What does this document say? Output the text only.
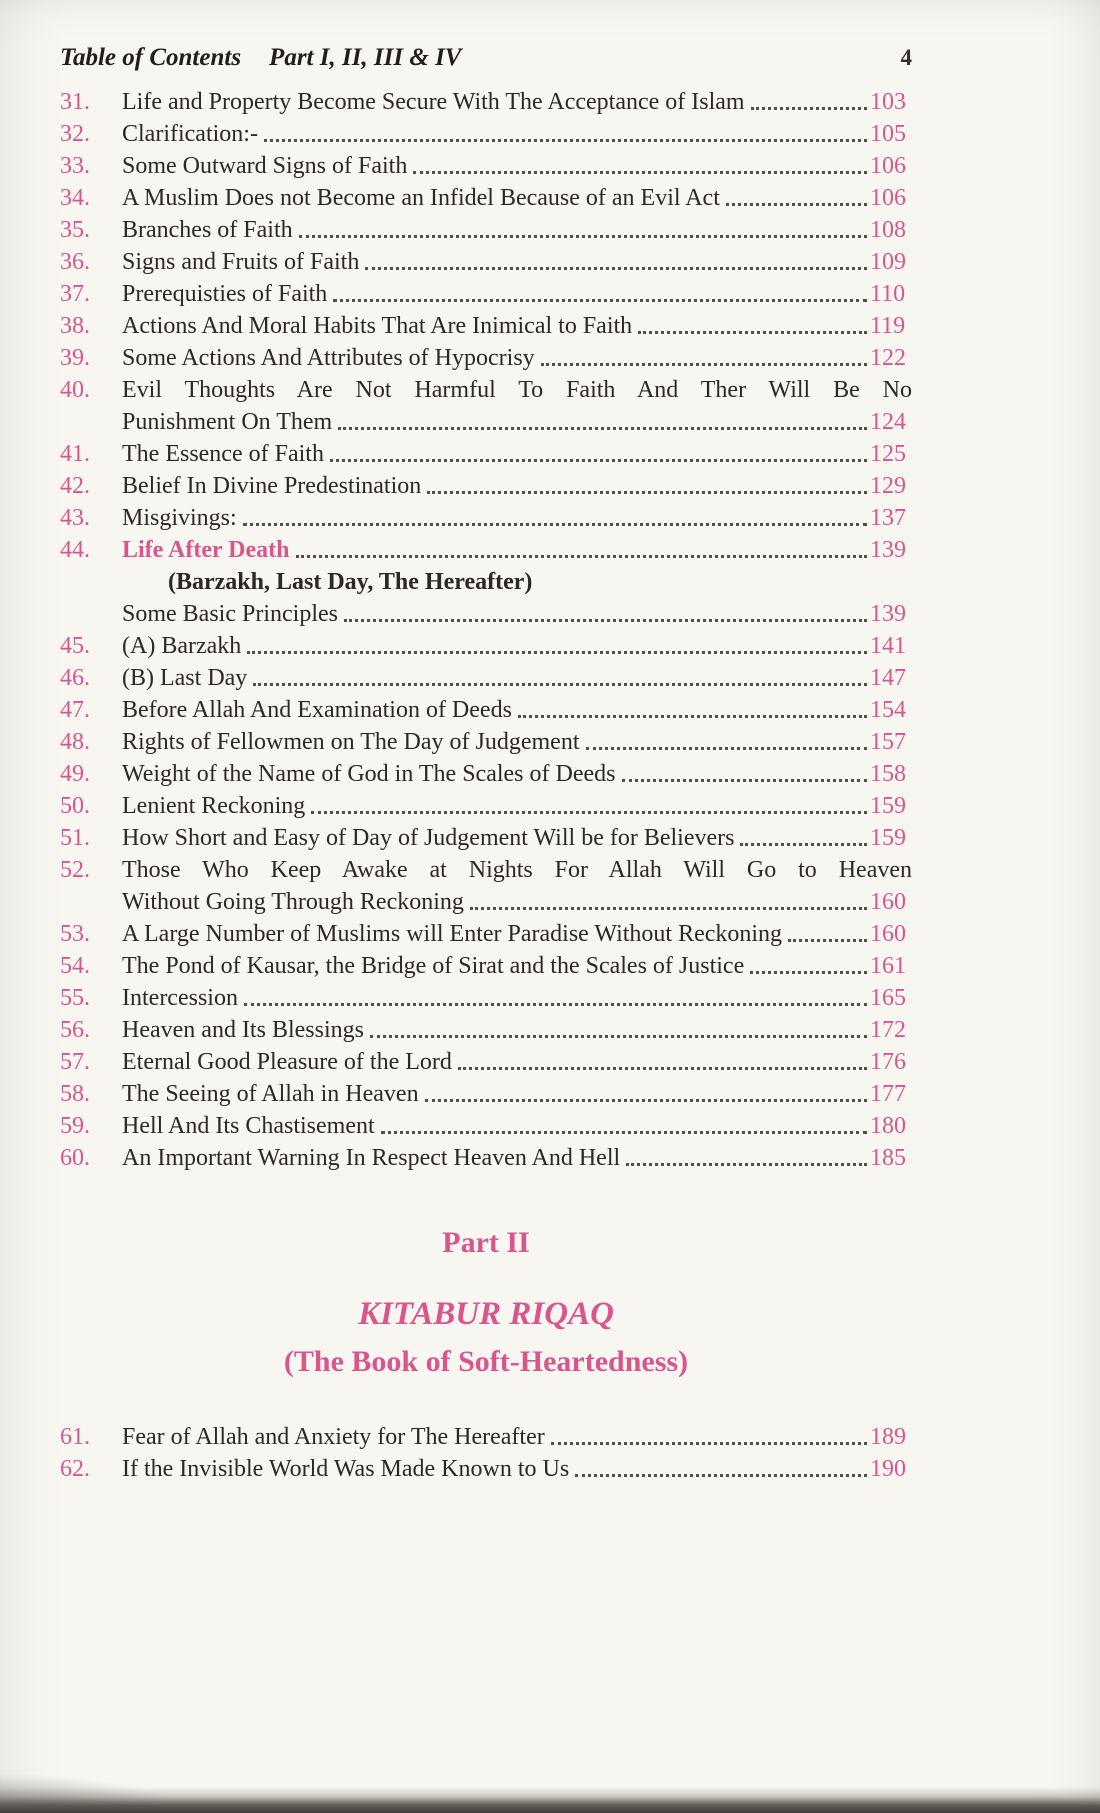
Table of Contents Part I, II, III & IV	4
31.	Life and Property Become Secure With The Acceptance of Islam	103
32.	Clarification:-	105
33.	Some Outward Signs of Faith	106
34.	A Muslim Does not Become an Infidel Because of an Evil Act	106
35.	Branches of Faith	108
36.	Signs and Fruits of Faith	109
37.	Prerequisties of Faith	110
38.	Actions And Moral Habits That Are Inimical to Faith	119
39.	Some Actions And Attributes of Hypocrisy	122
40.	Evil Thoughts Are Not Harmful To Faith And Ther Will Be No
Punishment On Them	124
41.	The Essence of Faith	125
42.	Belief In Divine Predestination	129
43.	Misgivings:	137
44.	Life After Death	139
(Barzakh, Last Day, The Hereafter)
Some Basic Principles	139
45.	(A) Barzakh	141
46.	(B) Last Day	147
47.	Before Allah And Examination of Deeds	154
48.	Rights of Fellowmen on The Day of Judgement	157
49.	Weight of the Name of God in The Scales of Deeds	158
50.	Lenient Reckoning	159
51.	How Short and Easy of Day of Judgement Will be for Believers	159
52.	Those Who Keep Awake at Nights For Allah Will Go to Heaven
Without Going Through Reckoning	160
53.	A Large Number of Muslims will Enter Paradise Without Reckoning	160
54.	The Pond of Kausar, the Bridge of Sirat and the Scales of Justice	161
55.	Intercession	165
56.	Heaven and Its Blessings	172
57.	Eternal Good Pleasure of the Lord	176
58.	The Seeing of Allah in Heaven	177
59.	Hell And Its Chastisement	180
60.	An Important Warning In Respect Heaven And Hell	185
Part II
KITABUR RIQAQ
(The Book of Soft-Heartedness)
61.	Fear of Allah and Anxiety for The Hereafter	189
62.	If the Invisible World Was Made Known to Us	190
